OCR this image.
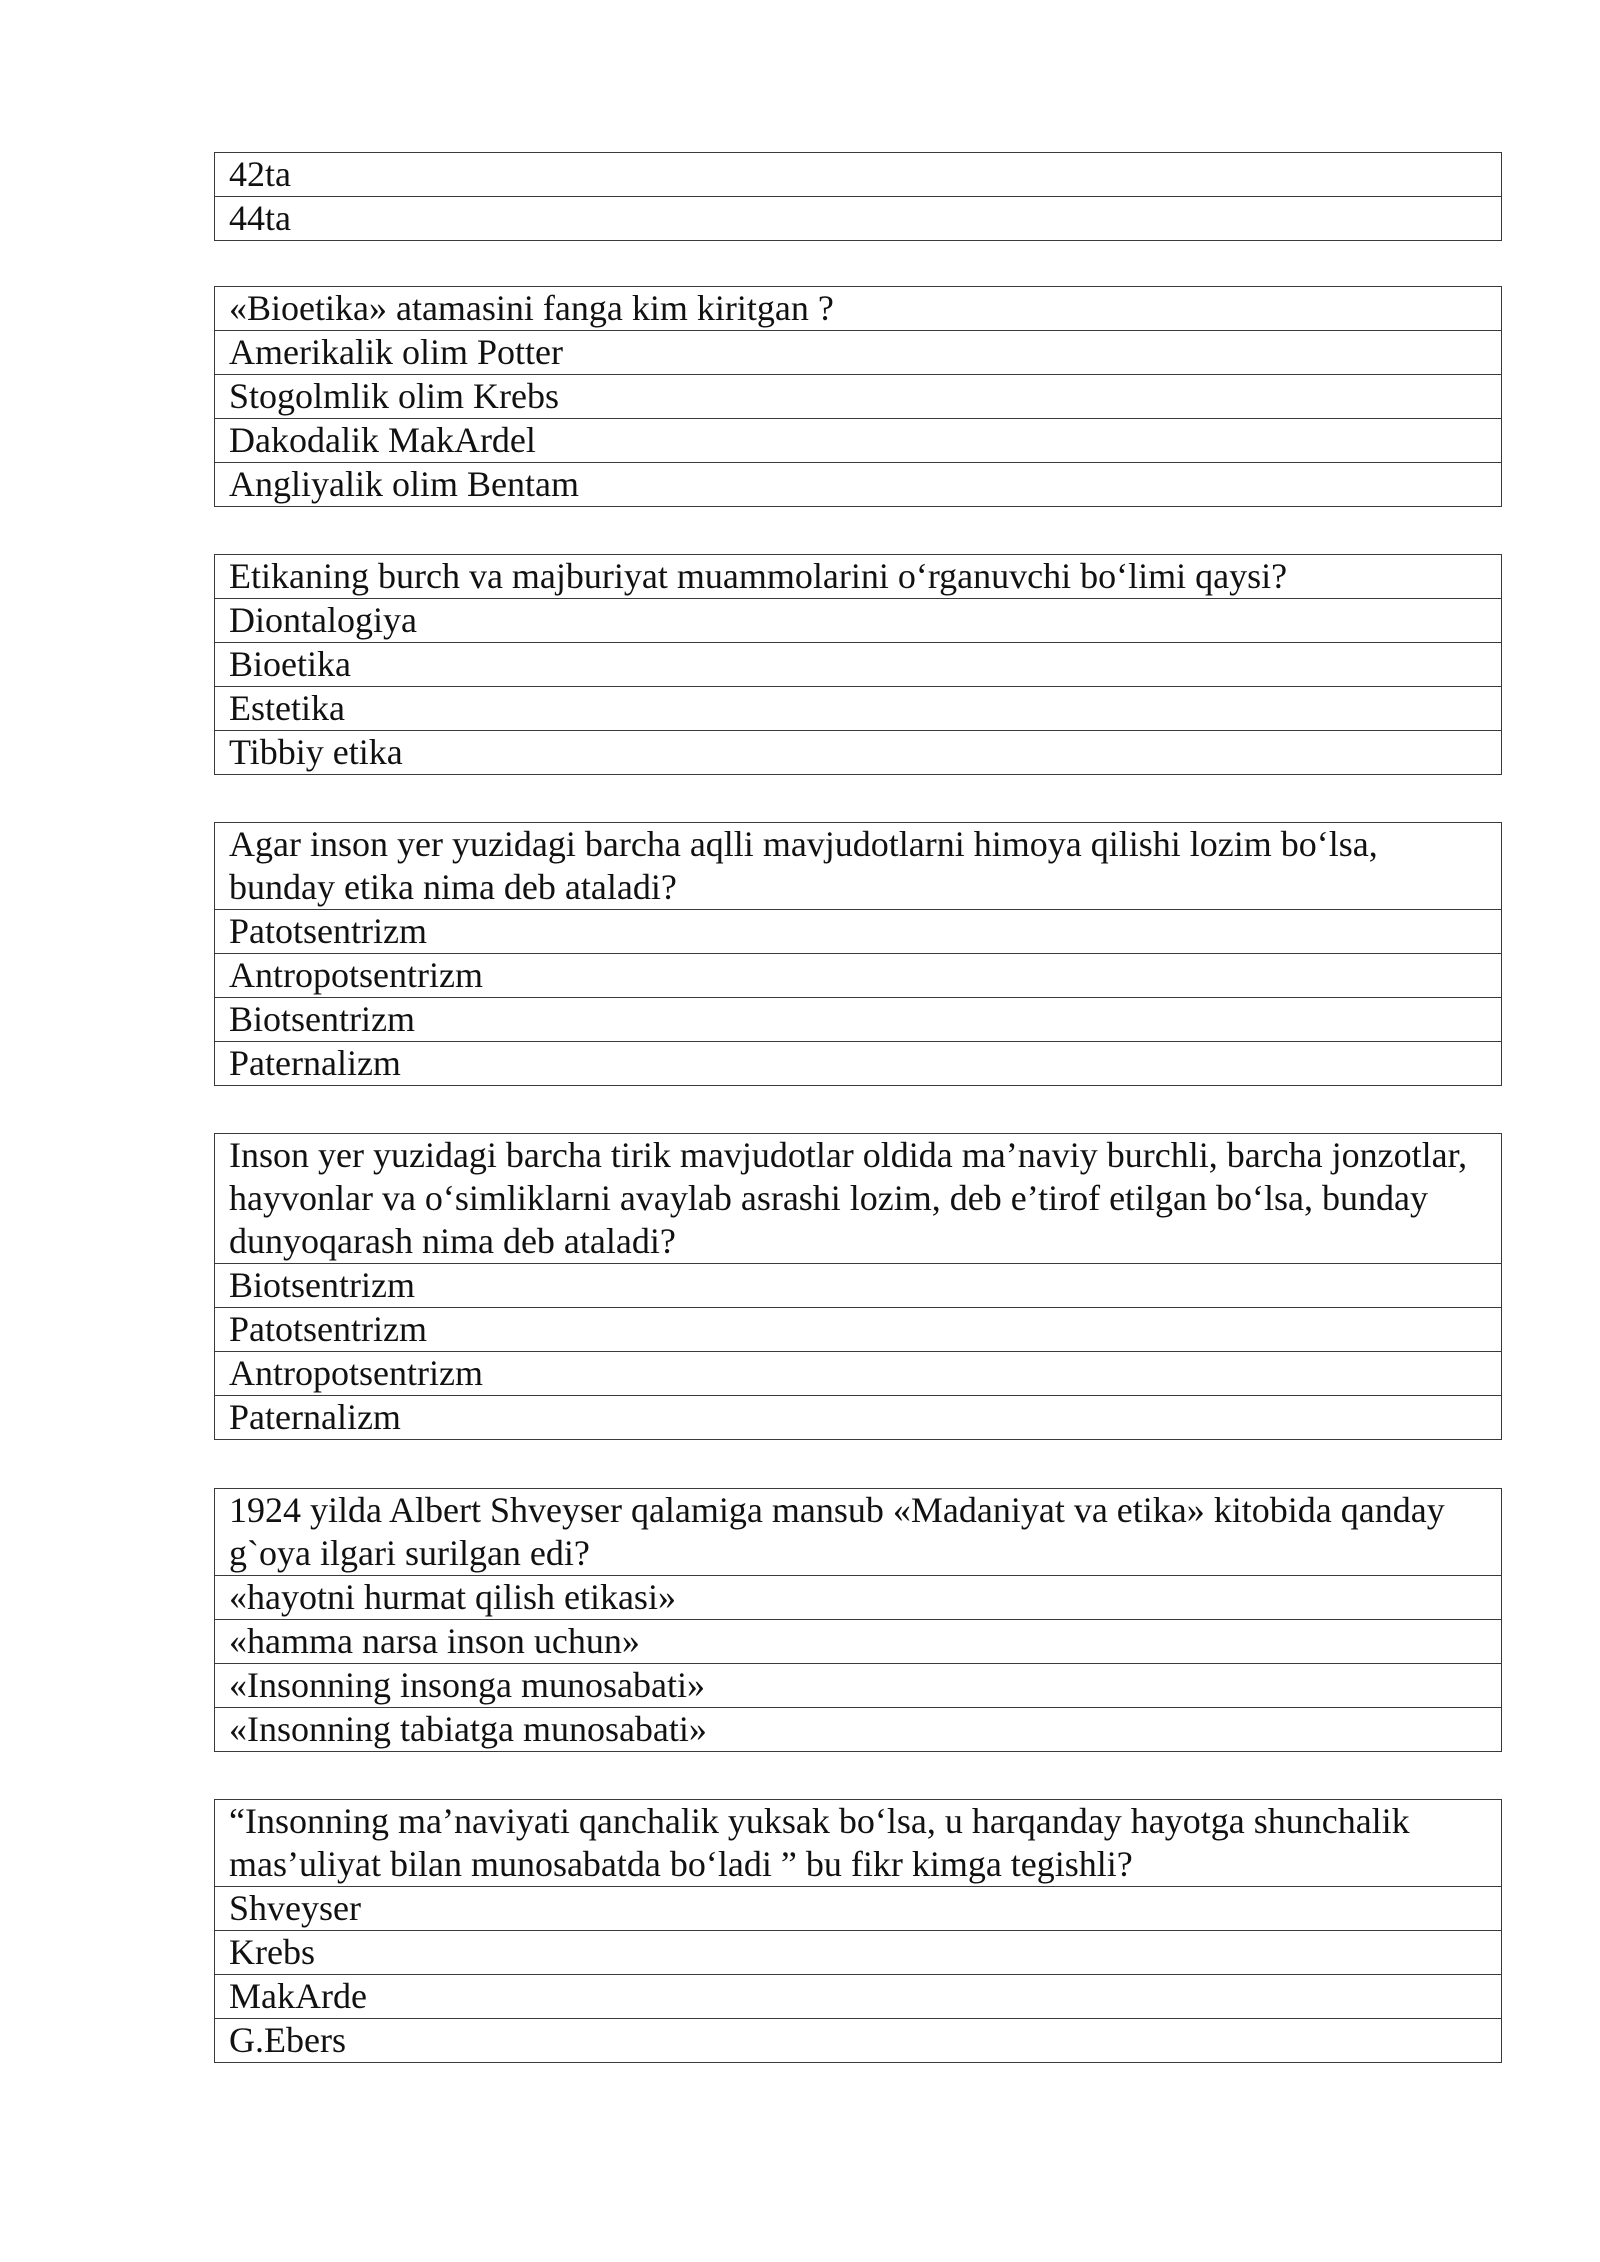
42ta
44ta
«Bioetika» atamasini fanga kim kiritgan ?
Amerikalik olim Potter
Stogolmlik olim Krebs
Dakodalik MakArdel
Angliyalik olim Bentam
Etikaning burch va majburiyat muammolarini o‘rganuvchi bo‘limi qaysi?
Diontalogiya
Bioetika
Estetika
Tibbiy etika
Agar inson yer yuzidagi barcha aqlli mavjudotlarni himoya qilishi lozim bo‘lsa, bunday etika nima deb ataladi?
Patotsentrizm
Antropotsentrizm
Biotsentrizm
Paternalizm
Inson yer yuzidagi barcha tirik mavjudotlar oldida ma’naviy burchli, barcha jonzotlar, hayvonlar va o‘simliklarni avaylab asrashi lozim, deb e’tirof etilgan bo‘lsa, bunday dunyoqarash nima deb ataladi?
Biotsentrizm
Patotsentrizm
Antropotsentrizm
Paternalizm
1924 yilda Albert Shveyser qalamiga mansub «Madaniyat va etika» kitobida qanday g`oya ilgari surilgan edi?
«hayotni hurmat qilish etikasi»
«hamma narsa inson uchun»
«Insonning insonga munosabati»
«Insonning tabiatga munosabati»
“Insonning ma’naviyati qanchalik yuksak bo‘lsa, u harqanday hayotga shunchalik mas’uliyat bilan munosabatda bo‘ladi ” bu fikr kimga tegishli?
Shveyser
Krebs
MakArde
G.Ebers
